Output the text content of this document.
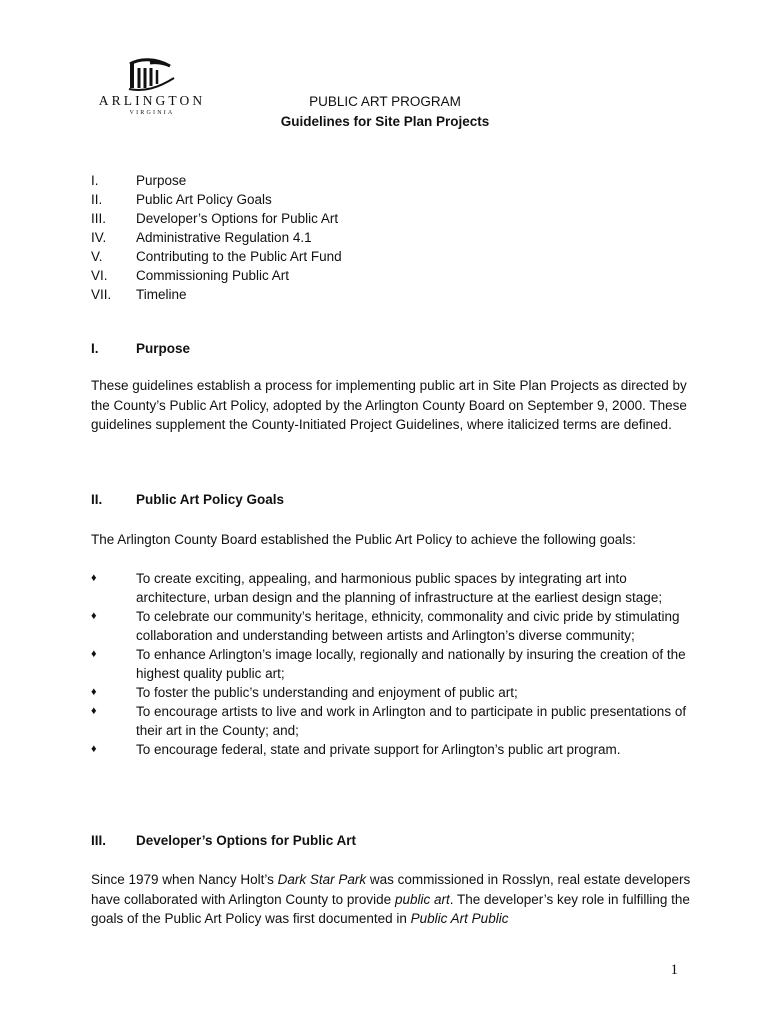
ARLINGTON
VIRGINIA
PUBLIC ART PROGRAM
Guidelines for Site Plan Projects
I.	Purpose
II. Public Art Policy Goals
III. Developer’s Options for Public Art
IV. Administrative Regulation 4.1
V. Contributing to the Public Art Fund
VI. Commissioning Public Art
VII. Timeline
I.	Purpose
These guidelines establish a process for implementing public art in Site Plan Projects as directed by the County’s Public Art Policy, adopted by the Arlington County Board on September 9, 2000. These guidelines supplement the County-Initiated Project Guidelines, where italicized terms are defined.
II. Public Art Policy Goals
The Arlington County Board established the Public Art Policy to achieve the following goals:
♦	To create exciting, appealing, and harmonious public spaces by integrating art into architecture, urban design and the planning of infrastructure at the earliest design stage;
♦	To celebrate our community’s heritage, ethnicity, commonality and civic pride by stimulating collaboration and understanding between artists and Arlington’s diverse community;
♦	To enhance Arlington’s image locally, regionally and nationally by insuring the creation of the highest quality public art;
♦	To foster the public’s understanding and enjoyment of public art;
♦	To encourage artists to live and work in Arlington and to participate in public presentations of their art in the County; and;
♦	To encourage federal, state and private support for Arlington’s public art program.
III. Developer’s Options for Public Art
Since 1979 when Nancy Holt’s Dark Star Park was commissioned in Rosslyn, real estate developers have collaborated with Arlington County to provide public art. The developer’s key role in fulfilling the goals of the Public Art Policy was first documented in Public Art Public
1
